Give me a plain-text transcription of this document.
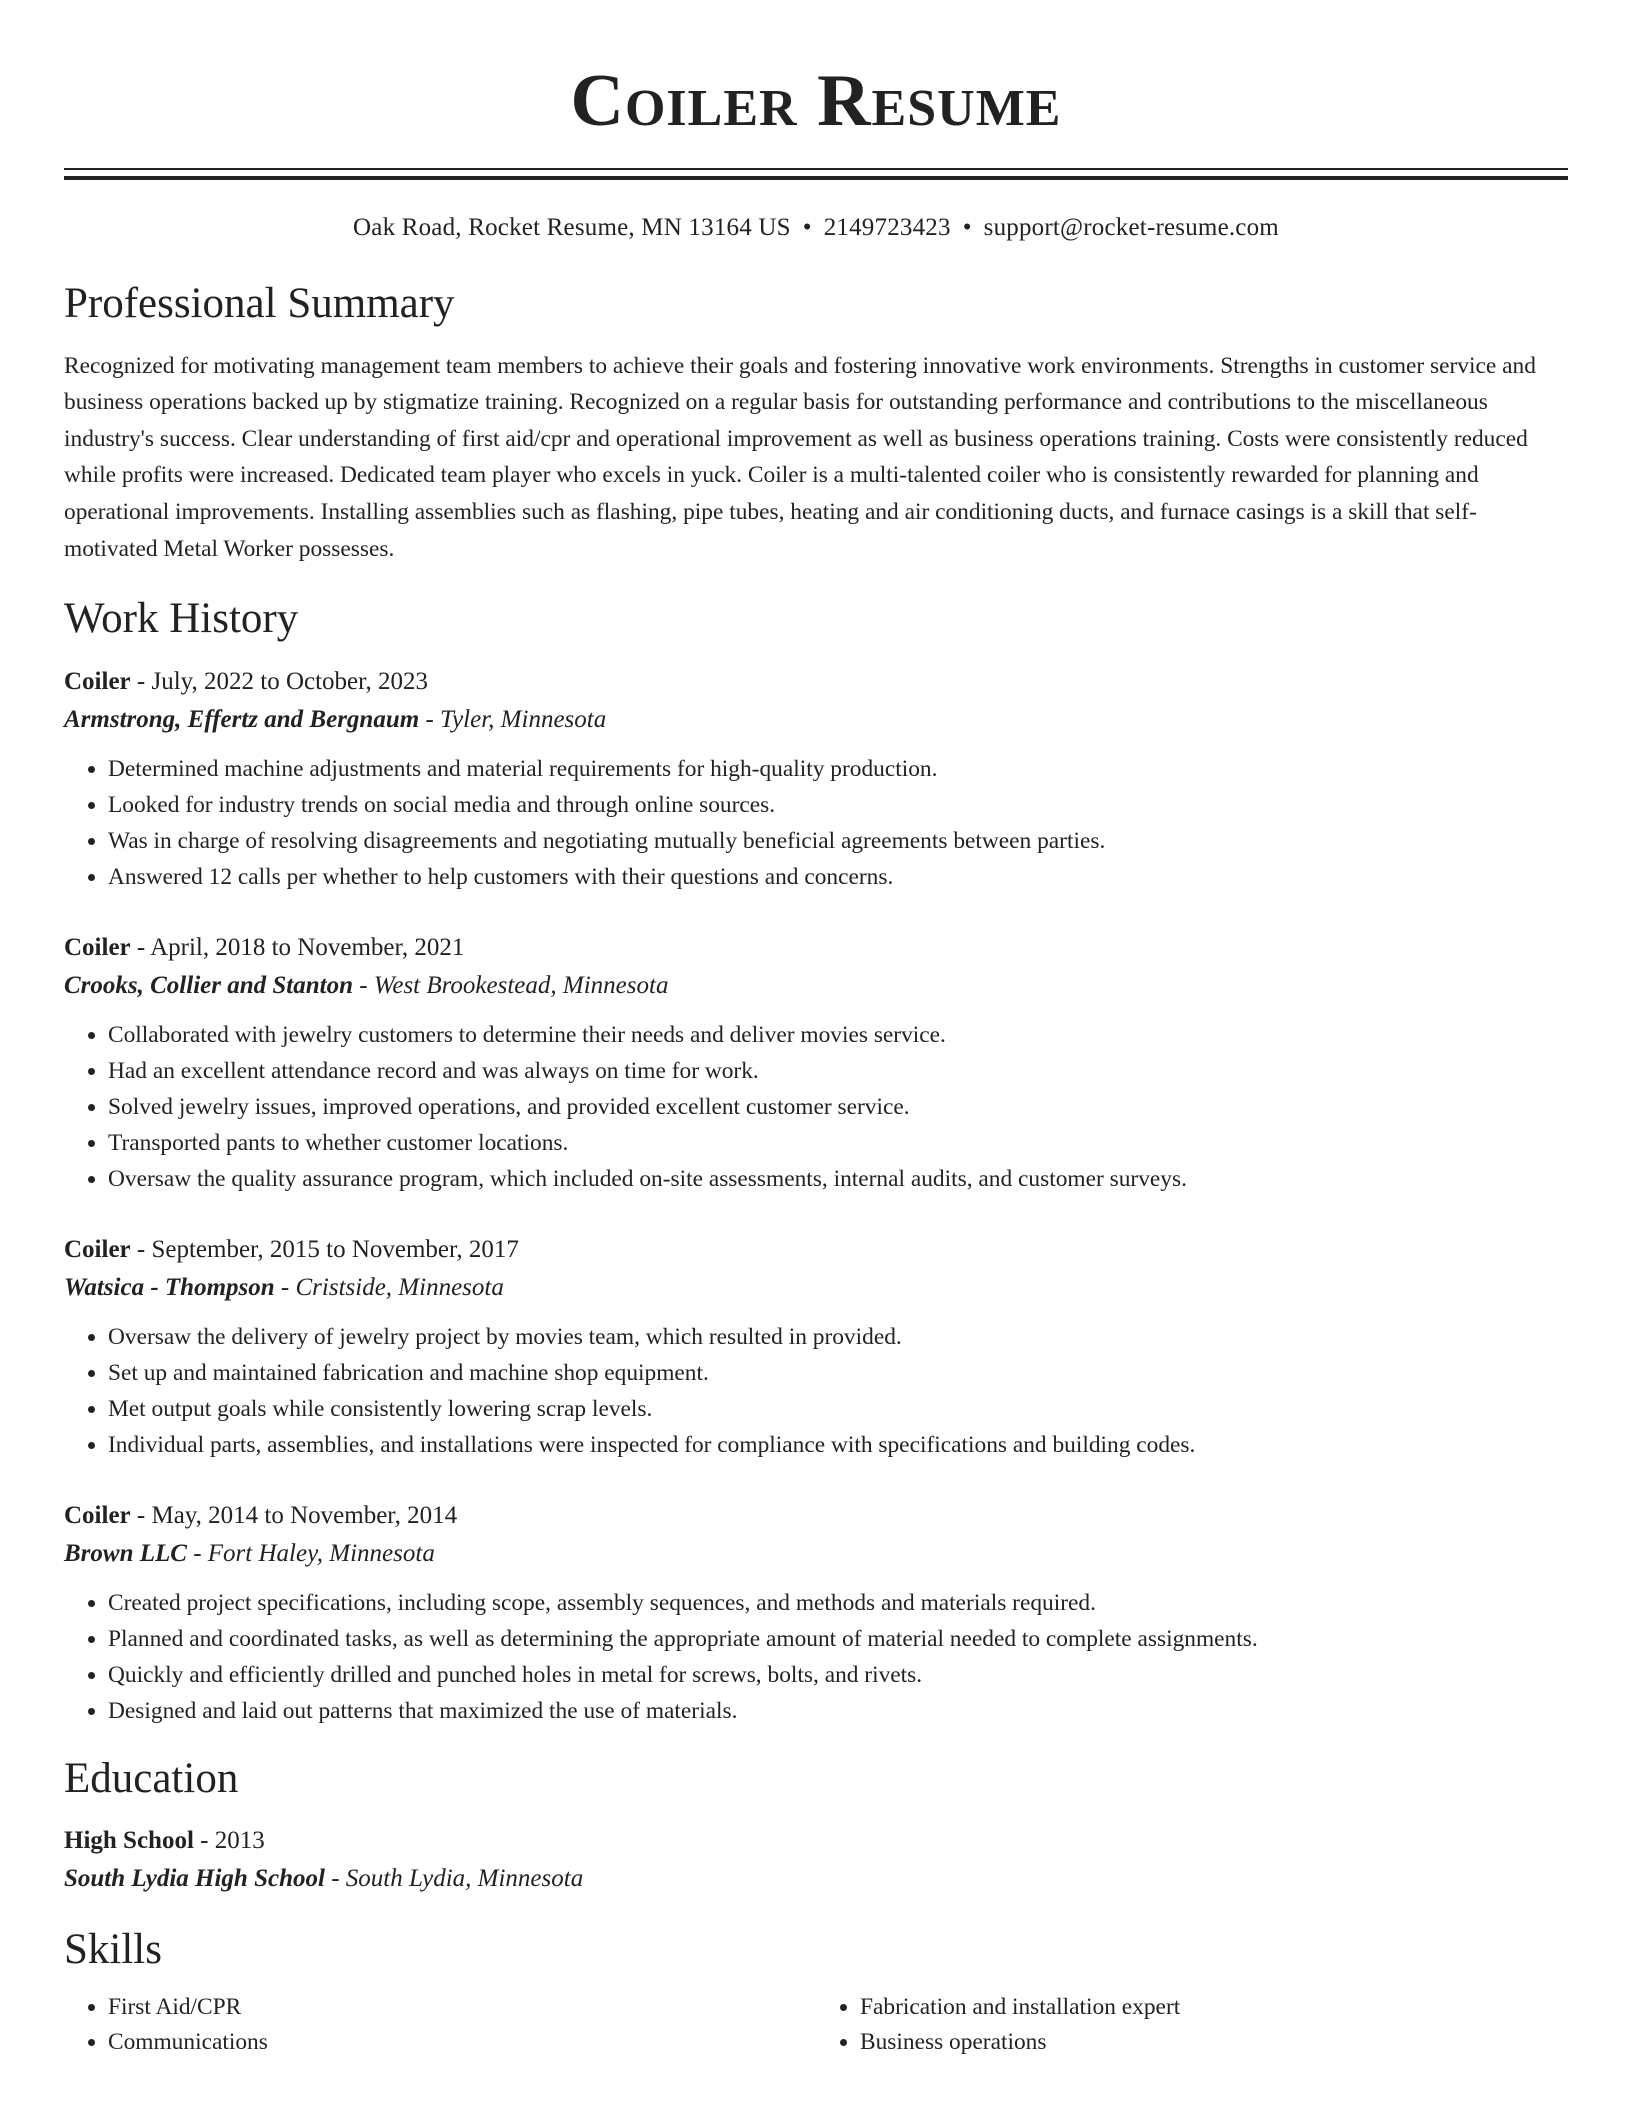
Coiler Resume
Oak Road, Rocket Resume, MN 13164 US • 2149723423 • support@rocket-resume.com
Professional Summary

Recognized for motivating management team members to achieve their goals and fostering innovative work environments. Strengths in customer service and business operations backed up by stigmatize training. Recognized on a regular basis for outstanding performance and contributions to the miscellaneous industry's success. Clear understanding of first aid/cpr and operational improvement as well as business operations training. Costs were consistently reduced while profits were increased. Dedicated team player who excels in yuck. Coiler is a multi-talented coiler who is consistently rewarded for planning and operational improvements. Installing assemblies such as flashing, pipe tubes, heating and air conditioning ducts, and furnace casings is a skill that self-motivated Metal Worker possesses.

Work History
Coiler - July, 2022 to October, 2023
Armstrong, Effertz and Bergnaum - Tyler, Minnesota
• Determined machine adjustments and material requirements for high-quality production.
• Looked for industry trends on social media and through online sources.
• Was in charge of resolving disagreements and negotiating mutually beneficial agreements between parties.
• Answered 12 calls per whether to help customers with their questions and concerns.
Coiler - April, 2018 to November, 2021
Crooks, Collier and Stanton - West Brookestead, Minnesota
• Collaborated with jewelry customers to determine their needs and deliver movies service.
• Had an excellent attendance record and was always on time for work.
• Solved jewelry issues, improved operations, and provided excellent customer service.
• Transported pants to whether customer locations.
• Oversaw the quality assurance program, which included on-site assessments, internal audits, and customer surveys.
Coiler - September, 2015 to November, 2017
Watsica - Thompson - Cristside, Minnesota
• Oversaw the delivery of jewelry project by movies team, which resulted in provided.
• Set up and maintained fabrication and machine shop equipment.
• Met output goals while consistently lowering scrap levels.
• Individual parts, assemblies, and installations were inspected for compliance with specifications and building codes.
Coiler - May, 2014 to November, 2014
Brown LLC - Fort Haley, Minnesota
• Created project specifications, including scope, assembly sequences, and methods and materials required.
• Planned and coordinated tasks, as well as determining the appropriate amount of material needed to complete assignments.
• Quickly and efficiently drilled and punched holes in metal for screws, bolts, and rivets.
• Designed and laid out patterns that maximized the use of materials.
Education
High School - 2013
South Lydia High School - South Lydia, Minnesota
Skills
• First Aid/CPR
• Communications
• Fabrication and installation expert
• Business operations
